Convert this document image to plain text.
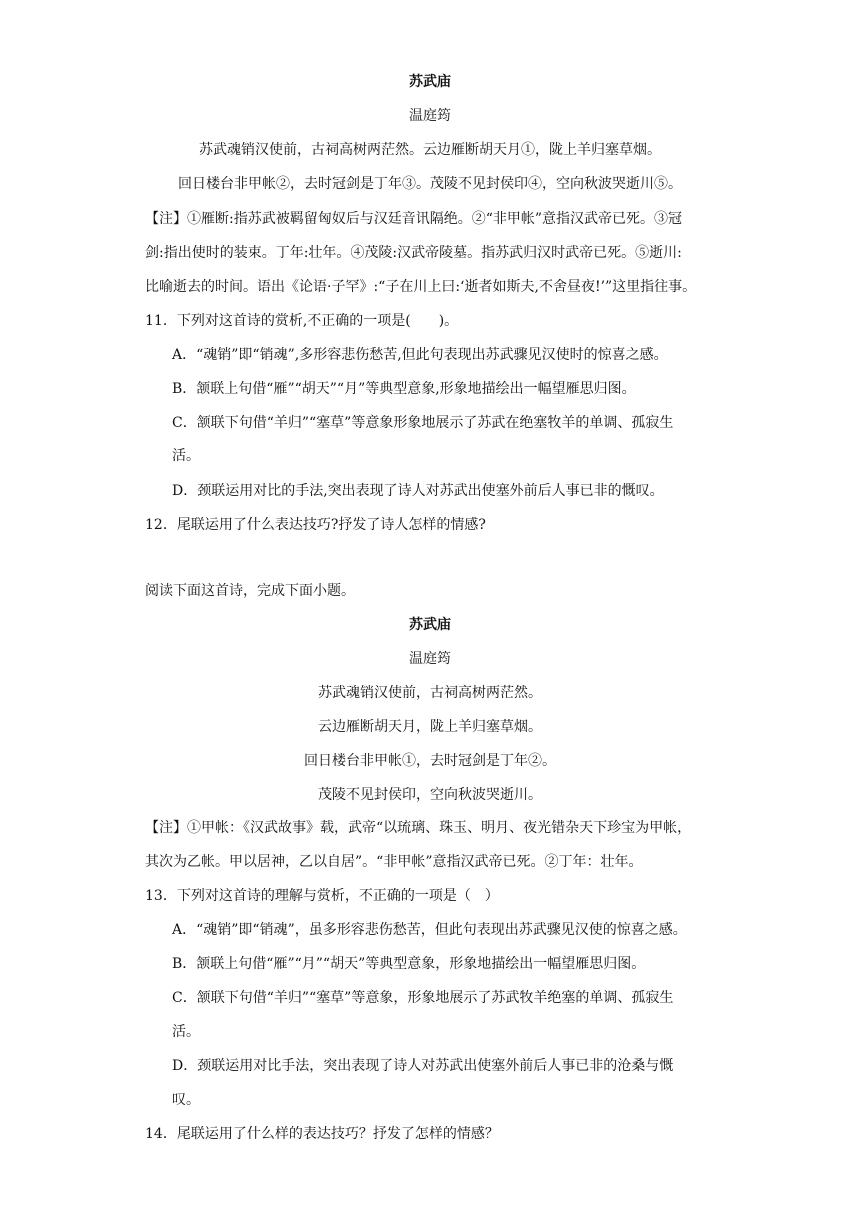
苏武庙
温庭筠
苏武魂销汉使前，古祠高树两茫然。云边雁断胡天月①，陇上羊归塞草烟。
回日楼台非甲帐②，去时冠剑是丁年③。茂陵不见封侯印④，空向秋波哭逝川⑤。
【注】①雁断:指苏武被羁留匈奴后与汉廷音讯隔绝。②“非甲帐”意指汉武帝已死。③冠
剑:指出使时的装束。丁年:壮年。④茂陵:汉武帝陵墓。指苏武归汉时武帝已死。⑤逝川:
比喻逝去的时间。语出《论语·子罕》:“子在川上曰:‘逝者如斯夫,不舍昼夜!’”这里指往事。
11．下列对这首诗的赏析,不正确的一项是(　　)。
A．“魂销”即“销魂”,多形容悲伤愁苦,但此句表现出苏武骤见汉使时的惊喜之感。
B．颔联上句借“雁”“胡天”“月”等典型意象,形象地描绘出一幅望雁思归图。
C．颔联下句借“羊归”“塞草”等意象形象地展示了苏武在绝塞牧羊的单调、孤寂生
活。
D．颈联运用对比的手法,突出表现了诗人对苏武出使塞外前后人事已非的慨叹。
12．尾联运用了什么表达技巧?抒发了诗人怎样的情感?
阅读下面这首诗，完成下面小题。
苏武庙
温庭筠
苏武魂销汉使前，古祠高树两茫然。
云边雁断胡天月，陇上羊归塞草烟。
回日楼台非甲帐①，去时冠剑是丁年②。
茂陵不见封侯印，空向秋波哭逝川。
【注】①甲帐：《汉武故事》载，武帝“以琉璃、珠玉、明月、夜光错杂天下珍宝为甲帐，
其次为乙帐。甲以居神，乙以自居”。“非甲帐”意指汉武帝已死。②丁年：壮年。
13．下列对这首诗的理解与赏析，不正确的一项是（　）
A．“魂销”即“销魂”，虽多形容悲伤愁苦，但此句表现出苏武骤见汉使的惊喜之感。
B．颔联上句借“雁”“月”“胡天”等典型意象，形象地描绘出一幅望雁思归图。
C．颔联下句借“羊归”“塞草”等意象，形象地展示了苏武牧羊绝塞的单调、孤寂生
活。
D．颈联运用对比手法，突出表现了诗人对苏武出使塞外前后人事已非的沧桑与慨
叹。
14．尾联运用了什么样的表达技巧？抒发了怎样的情感？
